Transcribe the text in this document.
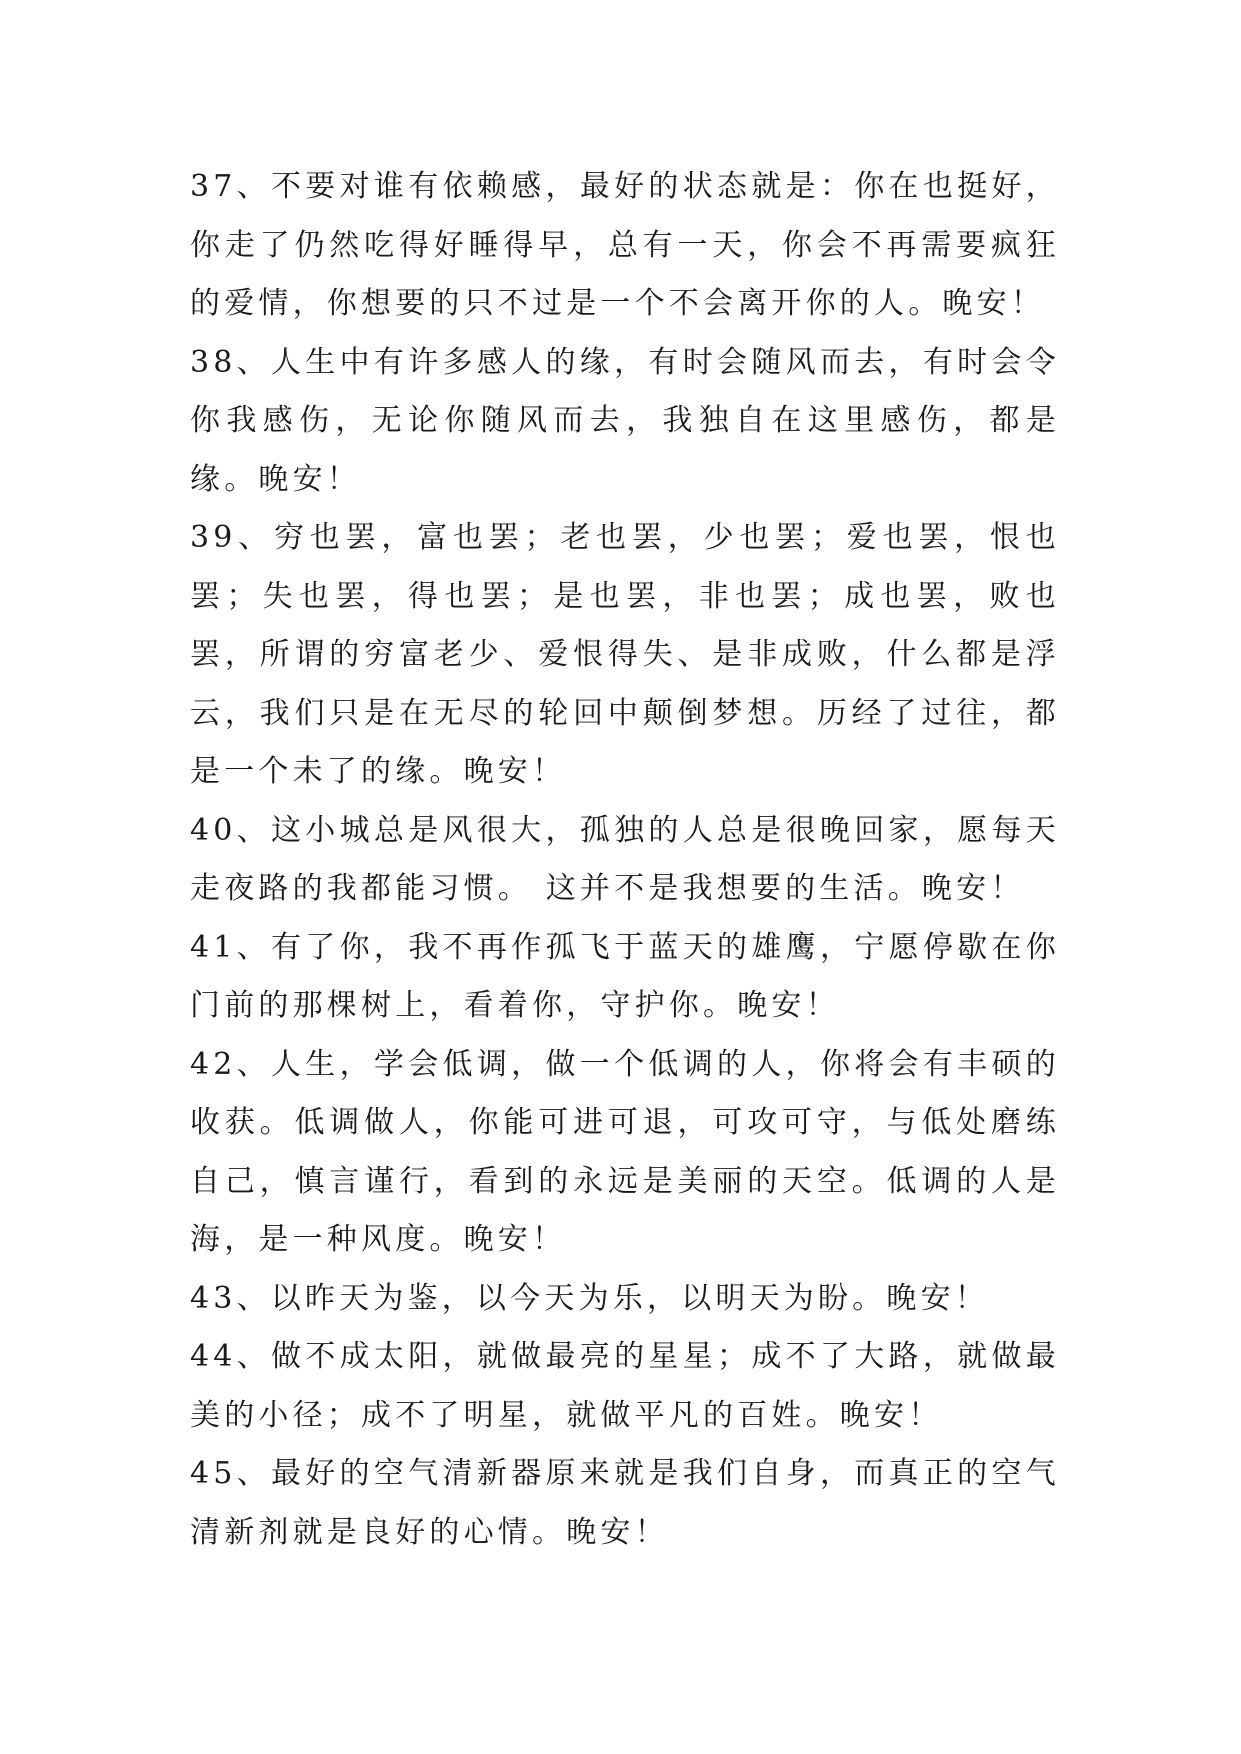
37、不要对谁有依赖感，最好的状态就是：你在也挺好，你走了仍然吃得好睡得早，总有一天，你会不再需要疯狂的爱情，你想要的只不过是一个不会离开你的人。晚安！

38、人生中有许多感人的缘，有时会随风而去，有时会令你我感伤，无论你随风而去，我独自在这里感伤，都是缘。晚安！

39、穷也罢，富也罢；老也罢，少也罢；爱也罢，恨也罢；失也罢，得也罢；是也罢，非也罢；成也罢，败也罢，所谓的穷富老少、爱恨得失、是非成败，什么都是浮云，我们只是在无尽的轮回中颠倒梦想。历经了过往，都是一个未了的缘。晚安！

40、这小城总是风很大，孤独的人总是很晚回家，愿每天走夜路的我都能习惯。 这并不是我想要的生活。晚安！

41、有了你，我不再作孤飞于蓝天的雄鹰，宁愿停歇在你门前的那棵树上，看着你，守护你。晚安！

42、人生，学会低调，做一个低调的人，你将会有丰硕的收获。低调做人，你能可进可退，可攻可守，与低处磨练自己，慎言谨行，看到的永远是美丽的天空。低调的人是海，是一种风度。晚安！

43、以昨天为鉴，以今天为乐，以明天为盼。晚安！

44、做不成太阳，就做最亮的星星；成不了大路，就做最美的小径；成不了明星，就做平凡的百姓。晚安！

45、最好的空气清新器原来就是我们自身，而真正的空气清新剂就是良好的心情。晚安！
